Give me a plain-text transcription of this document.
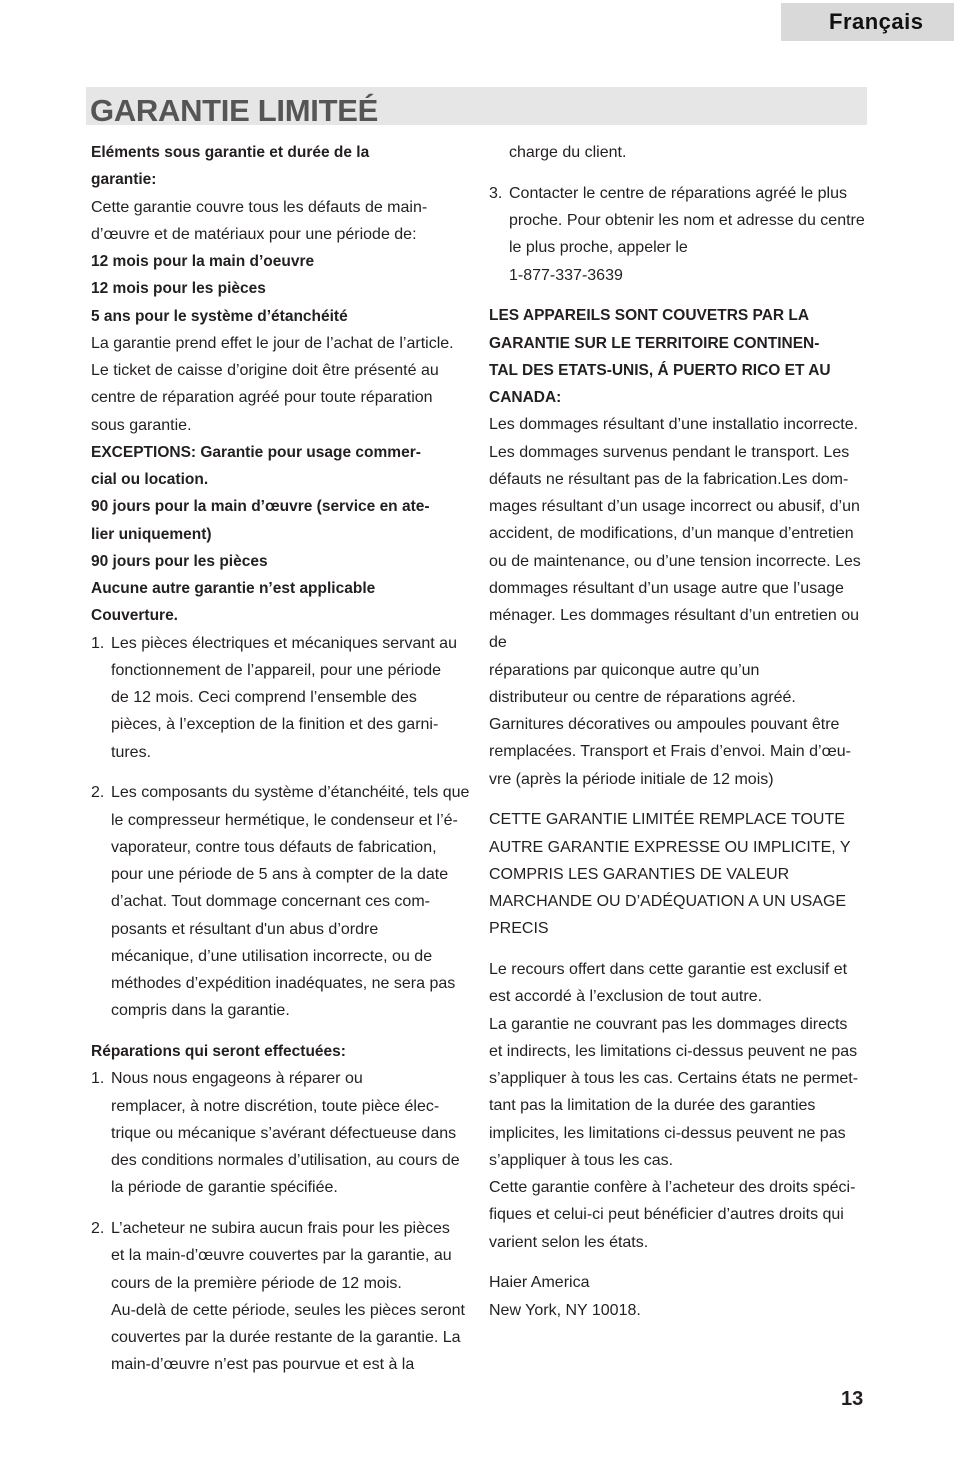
Français
GARANTIE LIMITEÉ

Eléments sous garantie et durée de la

garantie:

Cette garantie couvre tous les défauts de main-

d’œuvre et de matériaux pour une période de:

12 mois pour la main d’oeuvre

12 mois pour les pièces

5 ans pour le système d’étanchéité

La garantie prend effet le jour de l’achat de l’article.

Le ticket de caisse d’origine doit être présenté au

centre de réparation agréé pour toute réparation

sous garantie.

EXCEPTIONS: Garantie pour usage commer-

cial ou location.

90 jours pour la main d’œuvre (service en ate-

lier uniquement)

90 jours pour les pièces

Aucune autre garantie n’est applicable

Couverture.

1. Les pièces électriques et mécaniques servant au

fonctionnement de l’appareil, pour une période

de 12 mois. Ceci comprend l’ensemble des

pièces, à l’exception de la finition et des garni-

tures.

2. Les composants du système d’étanchéité, tels que

le compresseur hermétique, le condenseur et l’é-

vaporateur, contre tous défauts de fabrication,

pour une période de 5 ans à compter de la date

d’achat. Tout dommage concernant ces com-

posants et résultant d'un abus d’ordre

mécanique, d’une utilisation incorrecte, ou de

méthodes d’expédition inadéquates, ne sera pas

compris dans la garantie.

Réparations qui seront effectuées:

1. Nous nous engageons à réparer ou

remplacer, à notre discrétion, toute pièce élec-

trique ou mécanique s’avérant défectueuse dans

des conditions normales d’utilisation, au cours de

la période de garantie spécifiée.

2. L’acheteur ne subira aucun frais pour les pièces

et la main-d’œuvre couvertes par la garantie, au

cours de la première période de 12 mois.

Au-delà de cette période, seules les pièces seront

couvertes par la durée restante de la garantie. La

main-d’œuvre n’est pas pourvue et est à la

charge du client.

3. Contacter le centre de réparations agréé le plus

proche. Pour obtenir les nom et adresse du centre

le plus proche, appeler le

1-877-337-3639

LES APPAREILS SONT COUVETRS PAR LA

GARANTIE SUR LE TERRITOIRE CONTINEN-

TAL DES ETATS-UNIS, Á PUERTO RICO ET AU

CANADA:

Les dommages résultant d’une installatio incorrecte.

Les dommages survenus pendant le transport. Les

défauts ne résultant pas de la fabrication.Les dom-

mages résultant d’un usage incorrect ou abusif, d’un

accident, de modifications, d’un manque d’entretien

ou de maintenance, ou d’une tension incorrecte. Les

dommages résultant d’un usage autre que l’usage

ménager. Les dommages résultant d’un entretien ou

de

réparations par quiconque autre qu’un

distributeur ou centre de réparations agréé.

Garnitures décoratives ou ampoules pouvant être

remplacées. Transport et Frais d’envoi. Main d’œu-

vre (après la période initiale de 12 mois)

CETTE GARANTIE LIMITÉE REMPLACE TOUTE

AUTRE GARANTIE EXPRESSE OU IMPLICITE, Y

COMPRIS LES GARANTIES DE VALEUR

MARCHANDE OU D’ADÉQUATION A UN USAGE

PRECIS

Le recours offert dans cette garantie est exclusif et

est accordé à l’exclusion de tout autre.

La garantie ne couvrant pas les dommages directs

et indirects, les limitations ci-dessus peuvent ne pas

s’appliquer à tous les cas. Certains états ne permet-

tant pas la limitation de la durée des garanties

implicites, les limitations ci-dessus peuvent ne pas

s’appliquer à tous les cas.

Cette garantie confère à l’acheteur des droits spéci-

fiques et celui-ci peut bénéficier d’autres droits qui

varient selon les états.

Haier America

New York, NY 10018.

13
